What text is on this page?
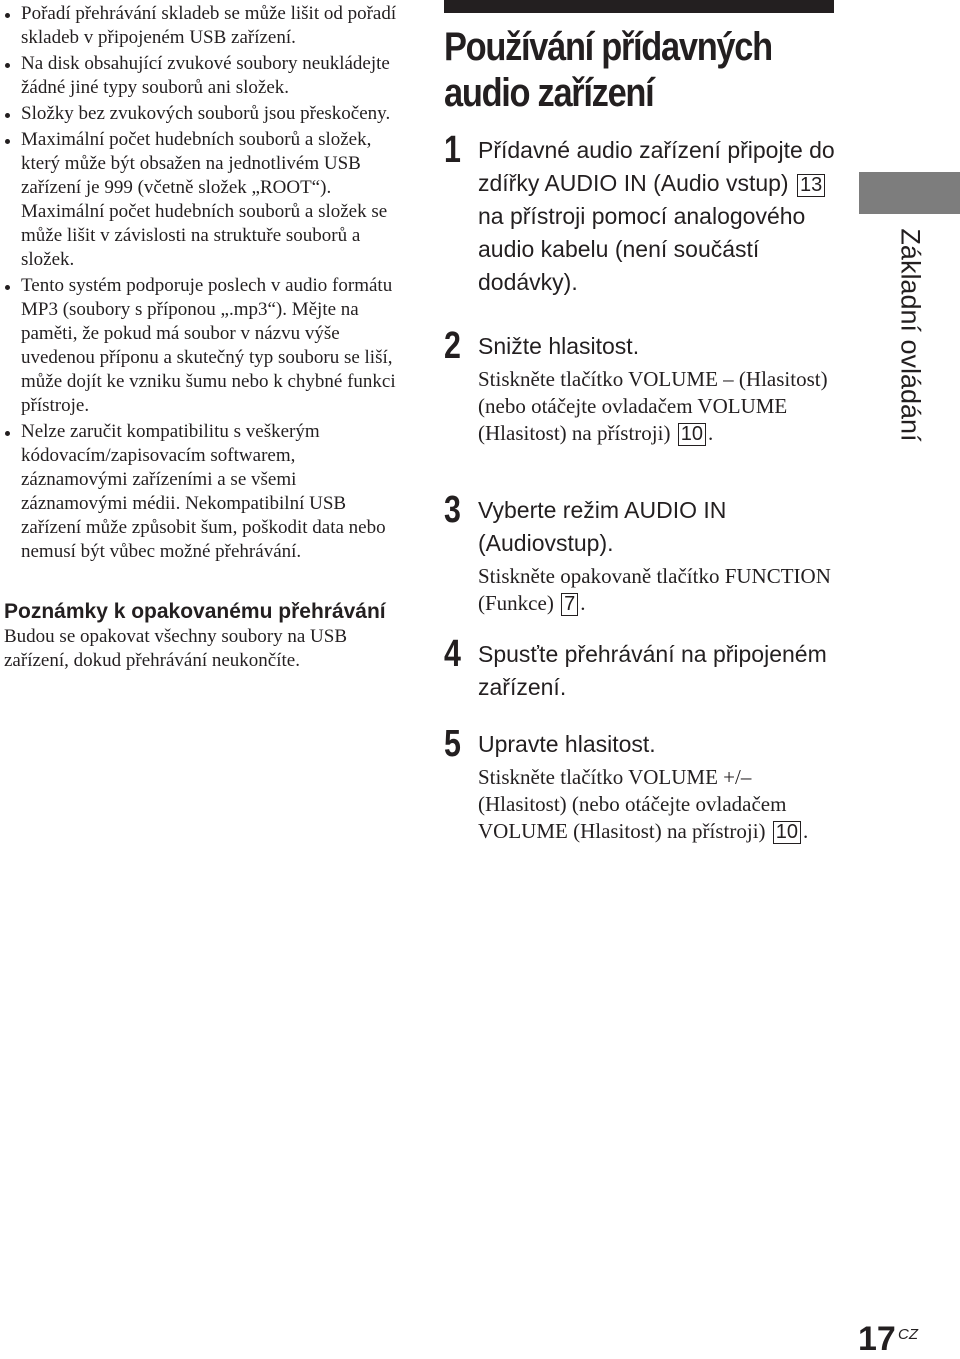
Pořadí přehrávání skladeb se může lišit od pořadí skladeb v připojeném USB zařízení.
Na disk obsahující zvukové soubory neukládejte žádné jiné typy souborů ani složek.
Složky bez zvukových souborů jsou přeskočeny.
Maximální počet hudebních souborů a složek, který může být obsažen na jednotlivém USB zařízení je 999 (včetně složek „ROOT“). Maximální počet hudebních souborů a složek se může lišit v závislosti na struktuře souborů a složek.
Tento systém podporuje poslech v audio formátu MP3 (soubory s příponou „.mp3“). Mějte na paměti, že pokud má soubor v názvu výše uvedenou příponu a skutečný typ souboru se liší, může dojít ke vzniku šumu nebo k chybné funkci přístroje.
Nelze zaručit kompatibilitu s veškerým kódovacím/zapisovacím softwarem, záznamovými zařízeními a se všemi záznamovými médii. Nekompatibilní USB zařízení může způsobit šum, poškodit data nebo nemusí být vůbec možné přehrávání.
Poznámky k opakovanému přehrávání
Budou se opakovat všechny soubory na USB zařízení, dokud přehrávání neukončíte.
Používání přídavných audio zařízení
1 Přídavné audio zařízení připojte do zdířky AUDIO IN (Audio vstup) 13 na přístroji pomocí analogového audio kabelu (není součástí dodávky).
2 Snižte hlasitost.
Stiskněte tlačítko VOLUME – (Hlasitost) (nebo otáčejte ovladačem VOLUME (Hlasitost) na přístroji) 10 .
3 Vyberte režim AUDIO IN (Audiovstup).
Stiskněte opakovaně tlačítko FUNCTION (Funkce) 7 .
4 Spusťte přehrávání na připojeném zařízení.
5 Upravte hlasitost.
Stiskněte tlačítko VOLUME +/– (Hlasitost) (nebo otáčejte ovladačem VOLUME (Hlasitost) na přístroji) 10 .
Základní ovládání
17 CZ
